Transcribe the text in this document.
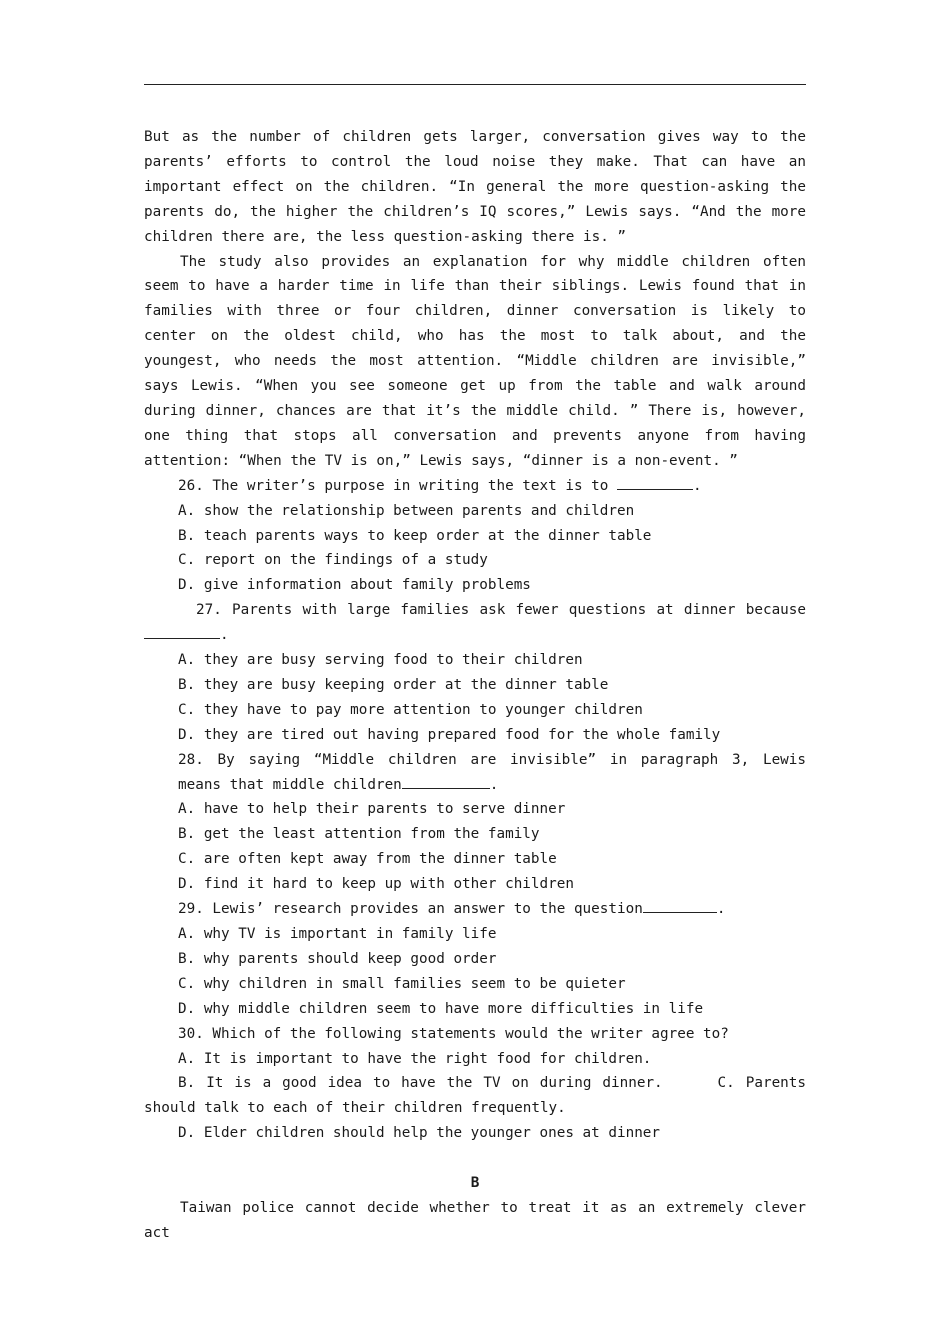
But as the number of children gets larger, conversation gives way to the parents’ efforts to control the loud noise they make. That can have an important effect on the children. “In general the more question-asking the parents do, the higher the children’s IQ scores,” Lewis says. “And the more children there are, the less question-asking there is. ”

The study also provides an explanation for why middle children often seem to have a harder time in life than their siblings. Lewis found that in families with three or four children, dinner conversation is likely to center on the oldest child, who has the most to talk about, and the youngest, who needs the most attention. “Middle children are invisible,” says Lewis. “When you see someone get up from the table and walk around during dinner, chances are that it’s the middle child. ” There is, however, one thing that stops all conversation and prevents anyone from having attention: “When the TV is on,” Lewis says, “dinner is a non-event. ”

26. The writer’s purpose in writing the text is to	.

A. show the relationship between parents and children

B. teach parents ways to keep order at the dinner table

C. report on the findings of a study

D. give information about family problems

27. Parents with large families ask fewer questions at dinner because.

A. they are busy serving food to their children

B. they are busy keeping order at the dinner table

C. they have to pay more attention to younger children

D. they are tired out having prepared food for the whole family

28. By saying “Middle children are invisible” in paragraph 3, Lewis means that middle children	.

A. have to help their parents to serve dinner

B. get the least attention from the family

C. are often kept away from the dinner table

D. find it hard to keep up with other children

29. Lewis’ research provides an answer to the question	.

A. why TV is important in family life

B. why parents should keep good order

C. why children in small families seem to be quieter

D. why middle children seem to have more difficulties in life

30. Which of the following statements would the writer agree to?

A. It is important to have the right food for children.

B. It is a good idea to have the TV on during dinner.     C. Parents should talk to each of their children frequently.

D. Elder children should help the younger ones at dinner

B

Taiwan police cannot decide whether to treat it as an extremely clever act
